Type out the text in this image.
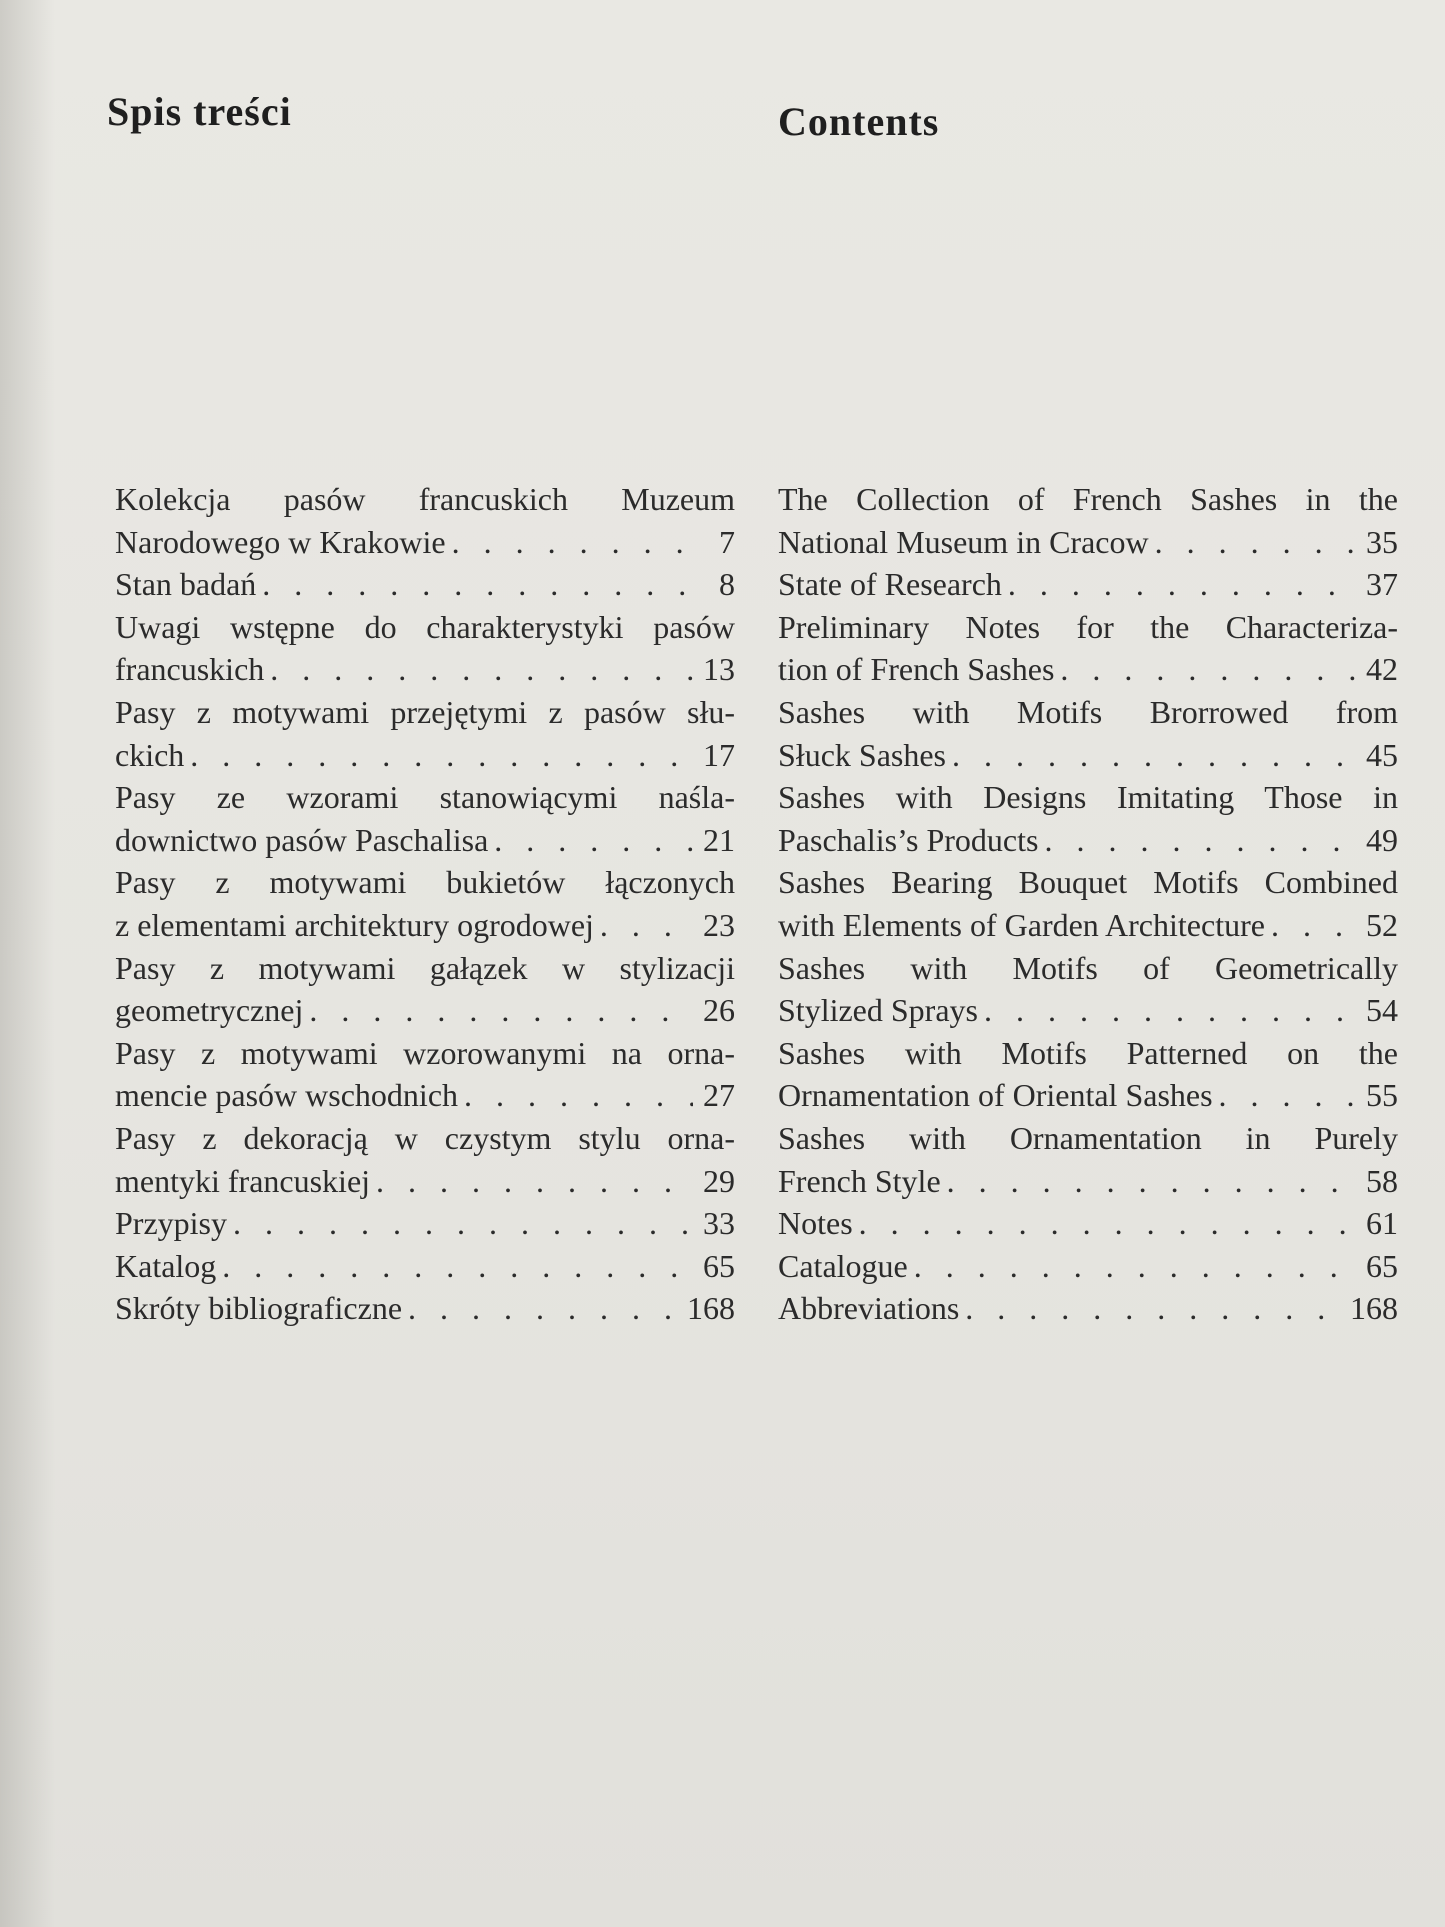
Spis treści	Contents
Kolekcja pasów francuskich Muzeum
Narodowego w Krakowie . . .	7
Stan badań . . .	8
Uwagi wstępne do charakterystyki pasów
francuskich . . .	13
Pasy z motywami przejętymi z pasów słu-
ckich . . .	17
Pasy ze wzorami stanowiącymi naśla-
downictwo pasów Paschalisa . . .	21
Pasy z motywami bukietów łączonych
z elementami architektury ogrodowej . . .	23
Pasy z motywami gałązek w stylizacji
geometrycznej . . .	26
Pasy z motywami wzorowanymi na orna-
mencie pasów wschodnich . . .	27
Pasy z dekoracją w czystym stylu orna-
mentyki francuskiej . . .	29
Przypisy . . .	33
Katalog . . .	65
Skróty bibliograficzne . . .	168
The Collection of French Sashes in the
National Museum in Cracow . . .	35
State of Research . . .	37
Preliminary Notes for the Characteriza-
tion of French Sashes . . .	42
Sashes with Motifs Brorrowed from
Słuck Sashes . . .	45
Sashes with Designs Imitating Those in
Paschalis’s Products . . .	49
Sashes Bearing Bouquet Motifs Combined
with Elements of Garden Architecture . . .	52
Sashes with Motifs of Geometrically
Stylized Sprays . . .	54
Sashes with Motifs Patterned on the
Ornamentation of Oriental Sashes . . .	55
Sashes with Ornamentation in Purely
French Style . . .	58
Notes . . .	61
Catalogue . . .	65
Abbreviations . . .	168
